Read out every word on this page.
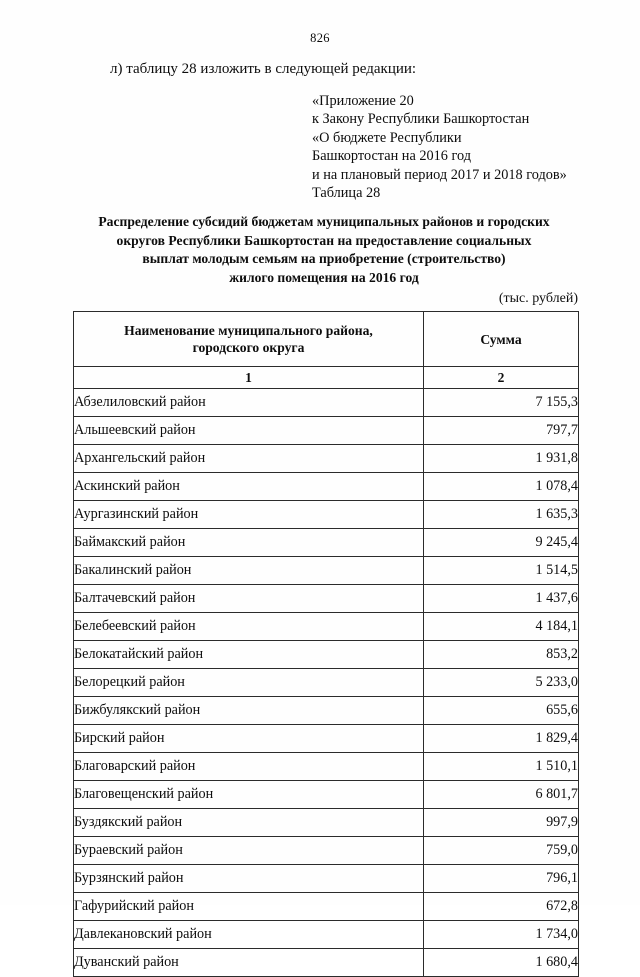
826
л) таблицу 28 изложить в следующей редакции:
«Приложение 20
к Закону Республики Башкортостан
«О бюджете Республики
Башкортостан на 2016 год
и на плановый период 2017 и 2018 годов»
Таблица 28
Распределение субсидий бюджетам муниципальных районов и городских
округов Республики Башкортостан на предоставление социальных
выплат молодым семьям на приобретение (строительство)
жилого помещения на 2016 год
(тыс. рублей)
Наименование муниципального района,
городского округа	Сумма
1	2
Абзелиловский район	7 155,3
Альшеевский район	797,7
Архангельский район	1 931,8
Аскинский район	1 078,4
Аургазинский район	1 635,3
Баймакский район	9 245,4
Бакалинский район	1 514,5
Балтачевский район	1 437,6
Белебеевский район	4 184,1
Белокатайский район	853,2
Белорецкий район	5 233,0
Бижбулякский район	655,6
Бирский район	1 829,4
Благоварский район	1 510,1
Благовещенский район	6 801,7
Буздякский район	997,9
Бураевский район	759,0
Бурзянский район	796,1
Гафурийский район	672,8
Давлекановский район	1 734,0
Дуванский район	1 680,4
